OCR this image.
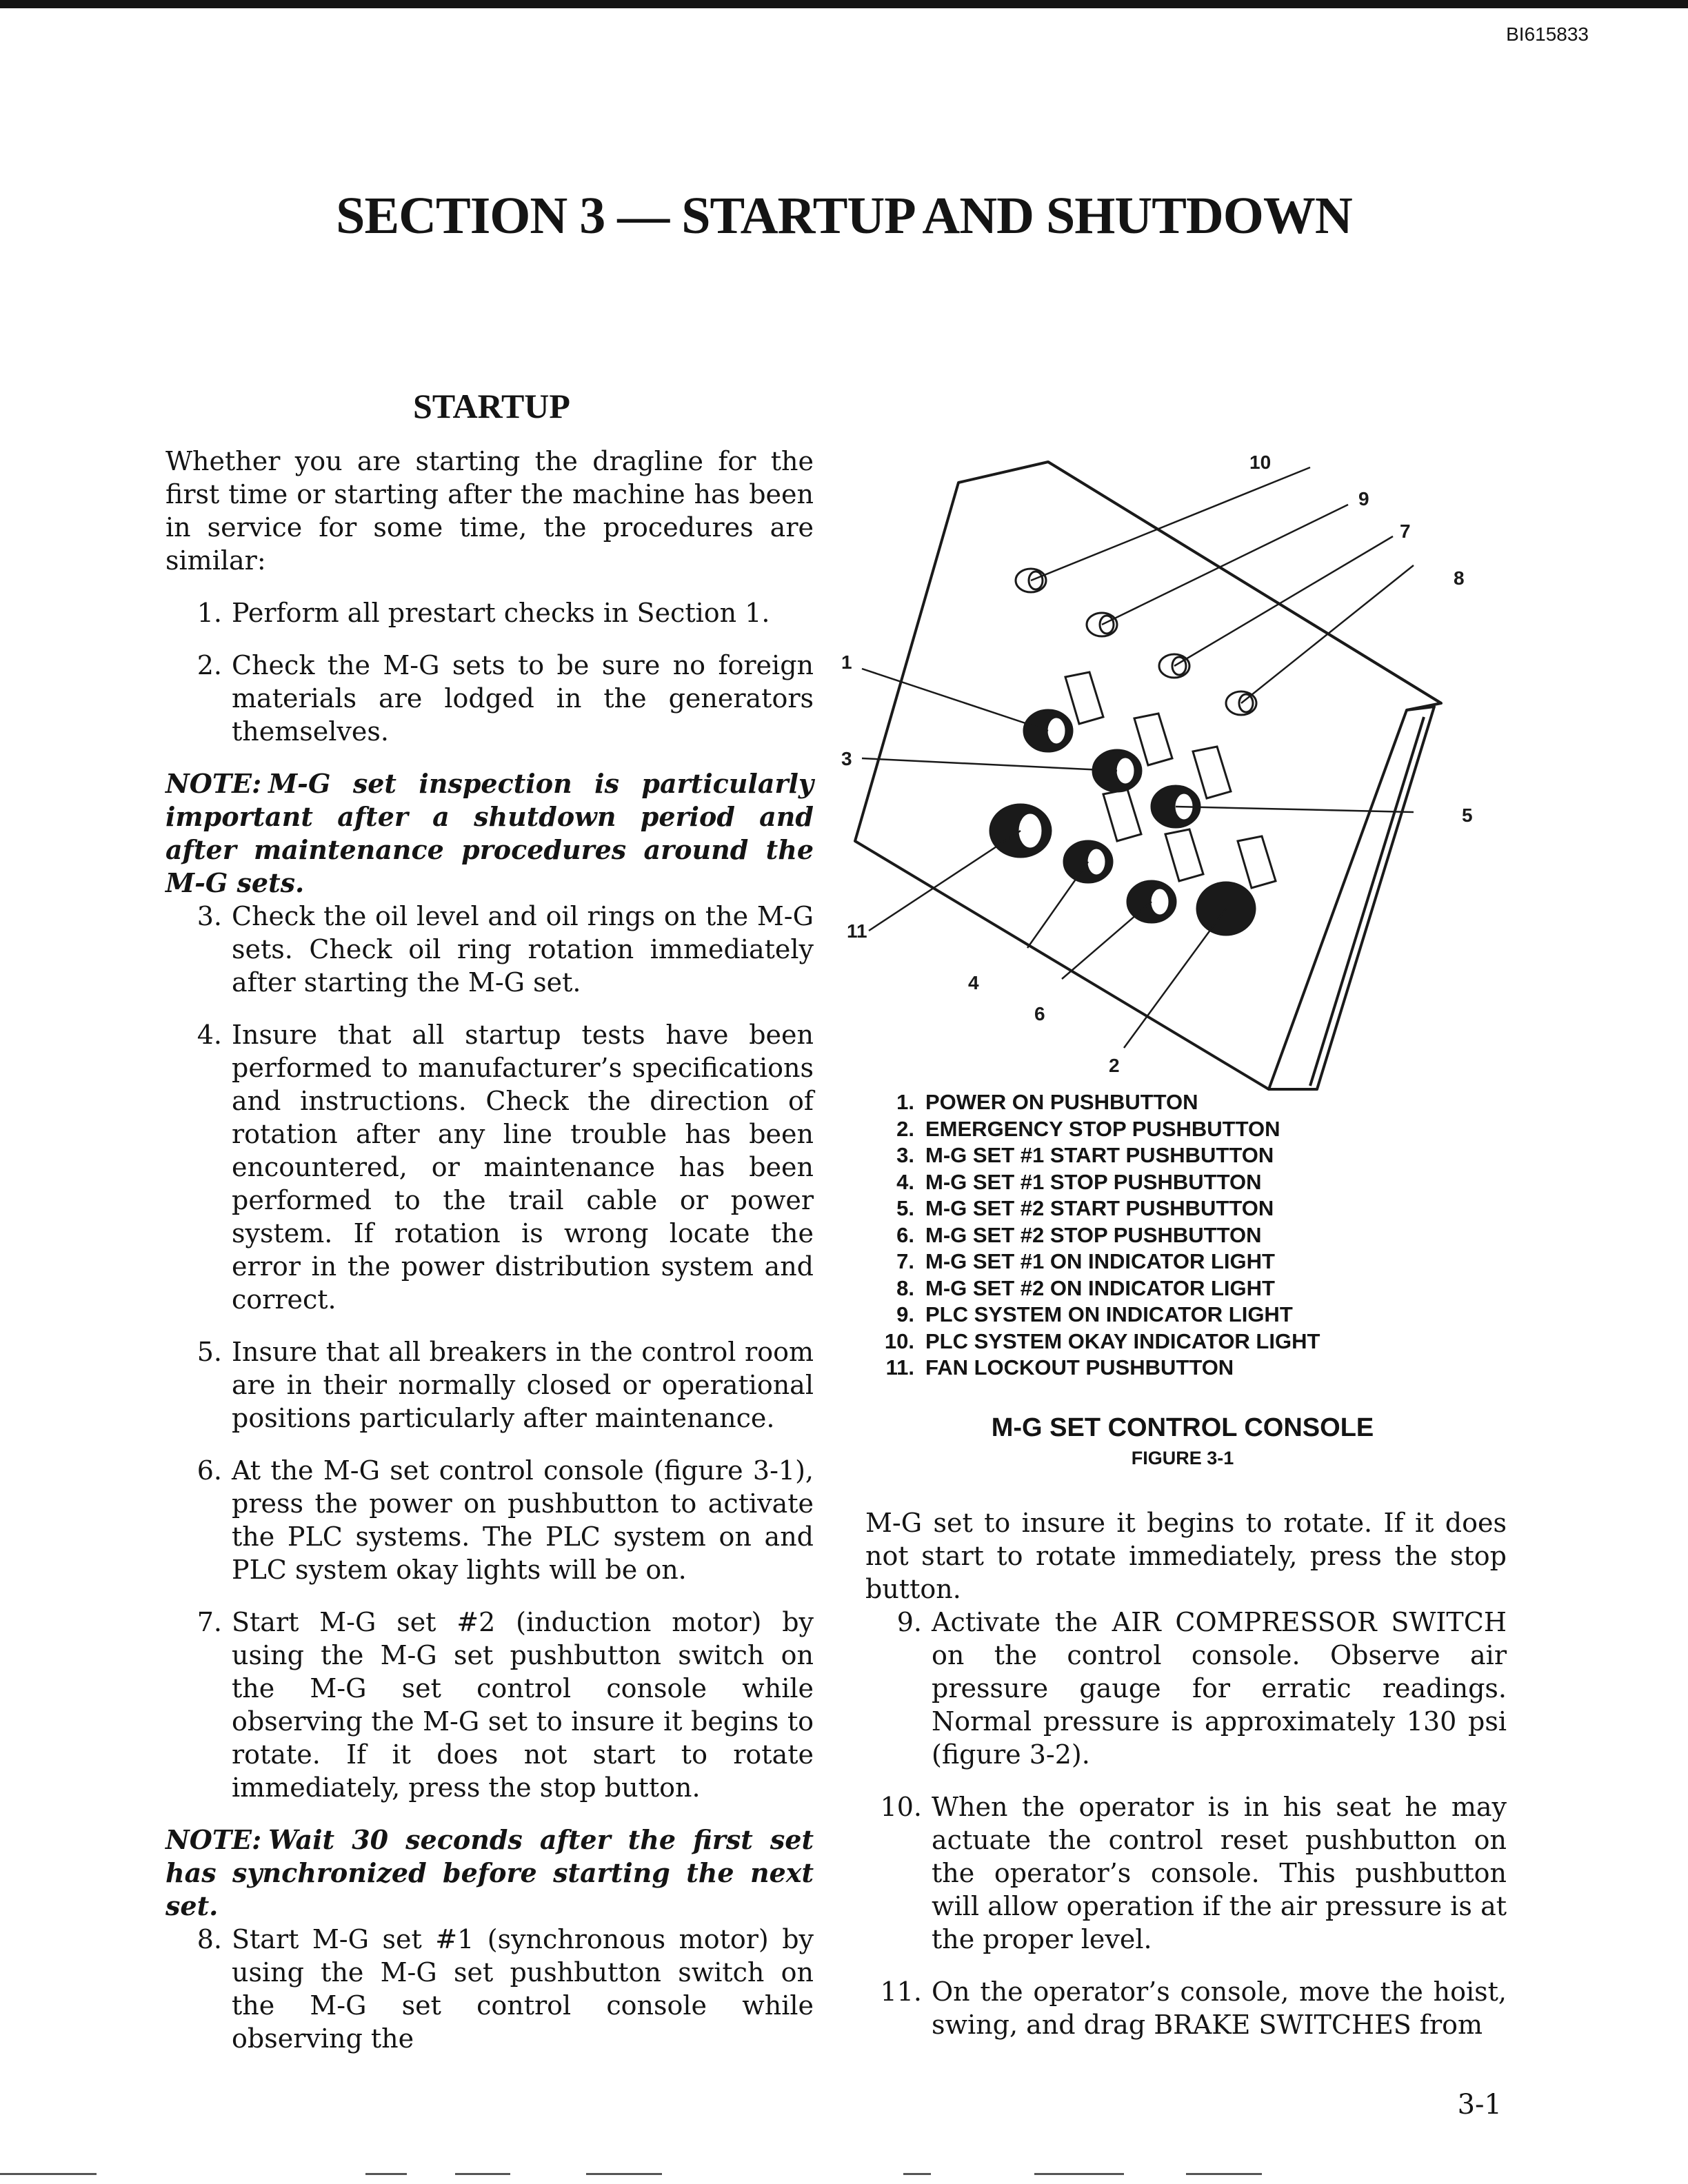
BI615833
SECTION 3 — STARTUP AND SHUTDOWN
STARTUP

Whether you are starting the dragline for the first time or starting after the machine has been in service for some time, the procedures are similar:

1. Perform all prestart checks in Section 1.
2. Check the M-G sets to be sure no foreign materials are lodged in the generators themselves.

NOTE: M-G set inspection is particularly important after a shutdown period and after maintenance procedures around the M-G sets.

3. Check the oil level and oil rings on the M-G sets. Check oil ring rotation immediately after starting the M-G set.
4. Insure that all startup tests have been performed to manufacturer’s specifications and instructions. Check the direction of rotation after any line trouble has been encountered, or maintenance has been performed to the trail cable or power system. If rotation is wrong locate the error in the power distribution system and correct.
5. Insure that all breakers in the control room are in their normally closed or operational positions particularly after maintenance.
6. At the M-G set control console (figure 3-1), press the power on pushbutton to activate the PLC systems. The PLC system on and PLC system okay lights will be on.
7. Start M-G set #2 (induction motor) by using the M-G set pushbutton switch on the M-G set control console while observing the M-G set to insure it begins to rotate. If it does not start to rotate immediately, press the stop button.

NOTE: Wait 30 seconds after the first set has synchronized before starting the next set.

8. Start M-G set #1 (synchronous motor) by using the M-G set pushbutton switch on the M-G set control console while observing the
1
2
3
4
5
6
7
8
9
10
11
1. POWER ON PUSHBUTTON
2. EMERGENCY STOP PUSHBUTTON
3. M-G SET #1 START PUSHBUTTON
4. M-G SET #1 STOP PUSHBUTTON
5. M-G SET #2 START PUSHBUTTON
6. M-G SET #2 STOP PUSHBUTTON
7. M-G SET #1 ON INDICATOR LIGHT
8. M-G SET #2 ON INDICATOR LIGHT
9. PLC SYSTEM ON INDICATOR LIGHT
10. PLC SYSTEM OKAY INDICATOR LIGHT
11. FAN LOCKOUT PUSHBUTTON

M-G SET CONTROL CONSOLE

FIGURE 3-1

M-G set to insure it begins to rotate. If it does not start to rotate immediately, press the stop button.

9. Activate the AIR COMPRESSOR SWITCH on the control console. Observe air pressure gauge for erratic readings. Normal pressure is approximately 130 psi (figure 3-2).
10. When the operator is in his seat he may actuate the control reset pushbutton on the operator’s console. This pushbutton will allow operation if the air pressure is at the proper level.
11. On the operator’s console, move the hoist, swing, and drag BRAKE SWITCHES from
3-1
